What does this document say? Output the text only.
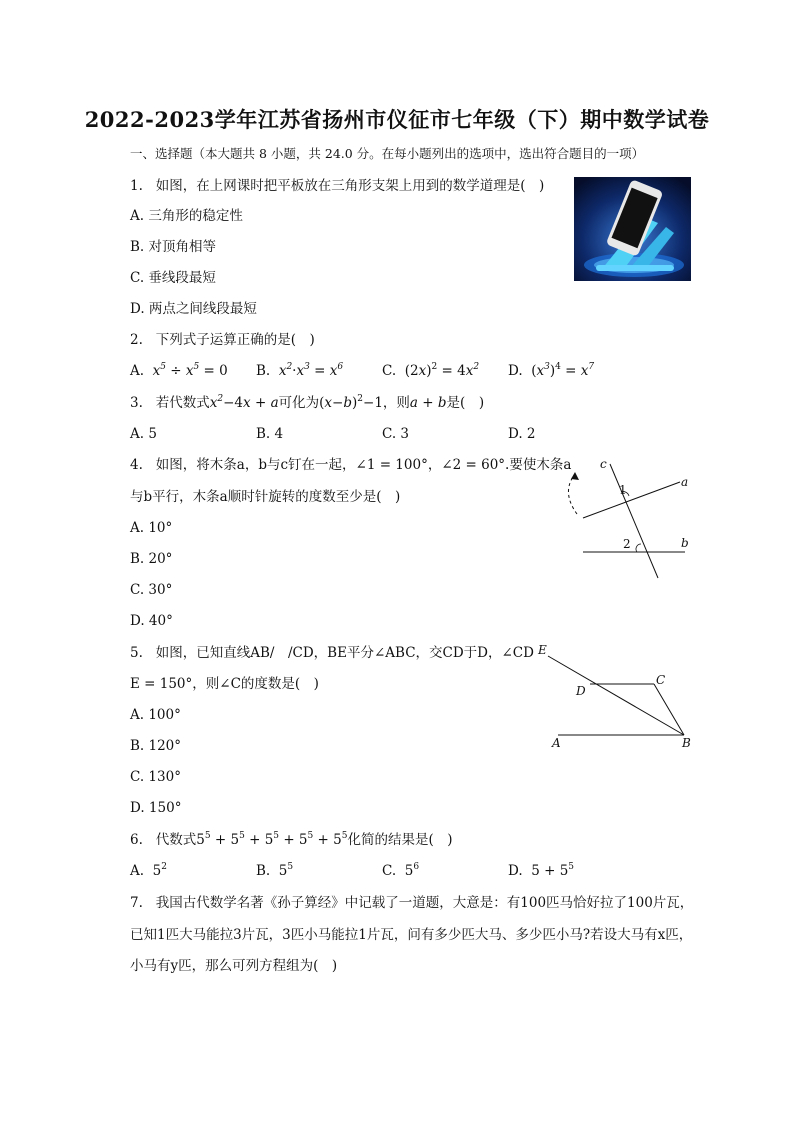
2022-2023学年江苏省扬州市仪征市七年级（下）期中数学试卷
一、选择题（本大题共 8 小题，共 24.0 分。在每小题列出的选项中，选出符合题目的一项）
1. 如图，在上网课时把平板放在三角形支架上用到的数学道理是(　)
A. 三角形的稳定性
B. 对顶角相等
C. 垂线段最短
D. 两点之间线段最短
2. 下列式子运算正确的是(　)
A. $x^5 \div x^5 = 0$ B. $x^2\cdot x^3 = x^6$	C.  $(2x)^2 = 4x^2$ D.  $(x^3)^4 = x^7$
3. 若代数式$x^2-4x + a$可化为$(x-b)^2-1$，则a + b是(　)
A. 5	B. 4	C. 3	D. 2
4. 如图，将木条a，b与c钉在一起，∠1 = 100°，∠2 = 60°.要使木条a
与b平行，木条a顺时针旋转的度数至少是(　)
A. 10°
B. 20°
C. 30°
D. 40°
c
a
b
1
2
5. 如图，已知直线AB/　/CD，BE平分∠ABC，交CD于D，∠CD
E = 150°，则∠C的度数是(　)
A. 100°
B. 120°
C. 130°
D. 150°
E
D
C
A	B
6. 代数式$5^5 + 5^5 + 5^5 + 5^5 + 5^5$化简的结果是(　)
A.  $5^2$	B.  $5^5$	C.  $5^6$	D.  $5 + 5^5$
7. 我国古代数学名著《孙子算经》中记载了一道题，大意是：有100匹马恰好拉了100片瓦，
已知1匹大马能拉3片瓦，3匹小马能拉1片瓦，问有多少匹大马、多少匹小马?若设大马有x匹，
小马有y匹，那么可列方程组为(　)
